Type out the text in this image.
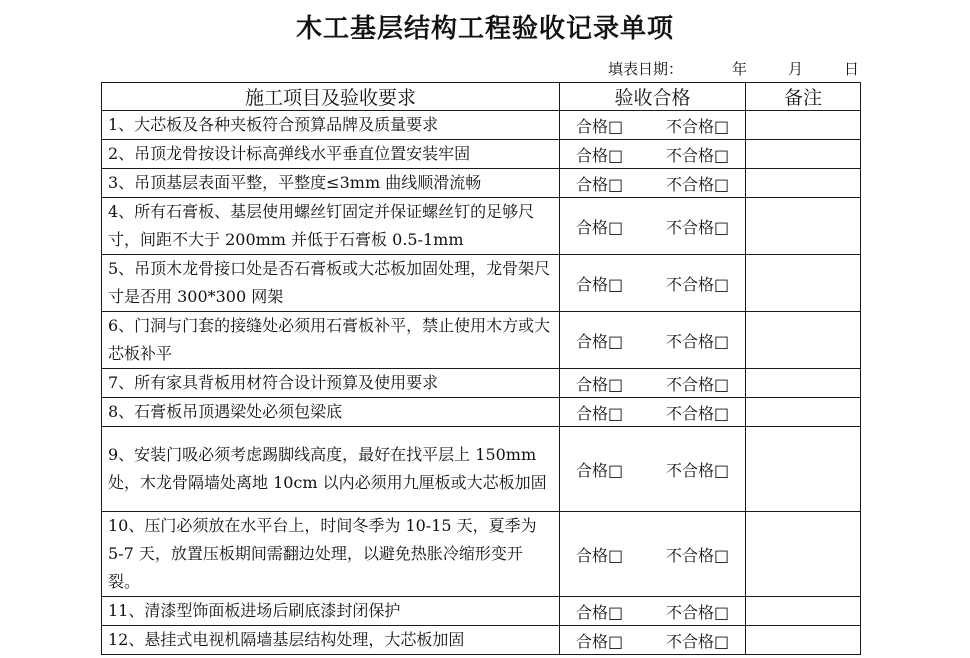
木工基层结构工程验收记录单项
填表日期：	年	月	日
施工项目及验收要求	验收合格	备注
1、大芯板及各种夹板符合预算品牌及质量要求	合格□ 不合格□	
2、吊顶龙骨按设计标高弹线水平垂直位置安装牢固	合格□ 不合格□	
3、吊顶基层表面平整，平整度≤3mm 曲线顺滑流畅	合格□ 不合格□	
4、所有石膏板、基层使用螺丝钉固定并保证螺丝钉的足够尺寸，间距不大于 200mm 并低于石膏板 0.5-1mm	合格□ 不合格□	
5、吊顶木龙骨接口处是否石膏板或大芯板加固处理，龙骨架尺寸是否用 300*300 网架	合格□ 不合格□	
6、门洞与门套的接缝处必须用石膏板补平，禁止使用木方或大芯板补平	合格□ 不合格□	
7、所有家具背板用材符合设计预算及使用要求	合格□ 不合格□	
8、石膏板吊顶遇梁处必须包梁底	合格□ 不合格□	
9、安装门吸必须考虑踢脚线高度，最好在找平层上 150mm 处，木龙骨隔墙处离地 10cm 以内必须用九厘板或大芯板加固	合格□ 不合格□	
10、压门必须放在水平台上，时间冬季为 10-15 天，夏季为 5-7 天，放置压板期间需翻边处理，以避免热胀冷缩形变开裂。	合格□ 不合格□	
11、清漆型饰面板进场后刷底漆封闭保护	合格□ 不合格□	
12、悬挂式电视机隔墙基层结构处理，大芯板加固	合格□ 不合格□	
